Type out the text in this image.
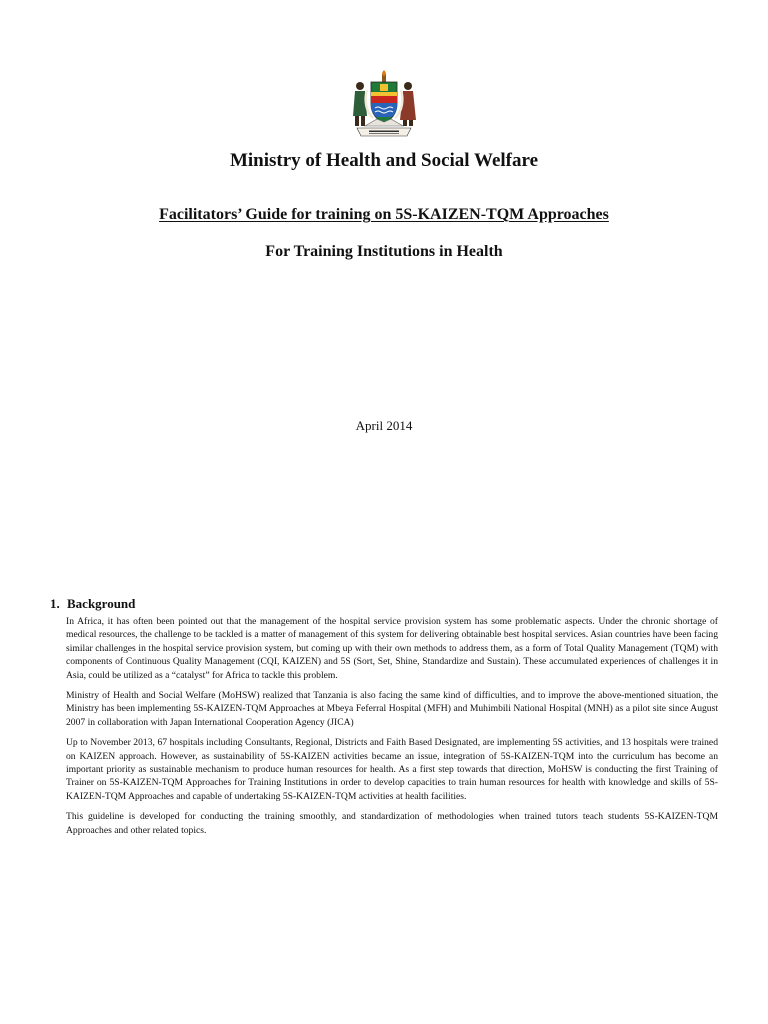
Ministry of Health and Social Welfare
Facilitators’ Guide for training on 5S-KAIZEN-TQM Approaches
For Training Institutions in Health

April 2014

1. Background

In Africa, it has often been pointed out that the management of the hospital service provision system has some problematic aspects. Under the chronic shortage of medical resources, the challenge to be tackled is a matter of management of this system for delivering obtainable best hospital services. Asian countries have been facing similar challenges in the hospital service provision system, but coming up with their own methods to address them, as a form of Total Quality Management (TQM) with components of Continuous Quality Management (CQI, KAIZEN) and 5S (Sort, Set, Shine, Standardize and Sustain). These accumulated experiences of challenges it in Asia, could be utilized as a “catalyst” for Africa to tackle this problem.

Ministry of Health and Social Welfare (MoHSW) realized that Tanzania is also facing the same kind of difficulties, and to improve the above-mentioned situation, the Ministry has been implementing 5S-KAIZEN-TQM Approaches at Mbeya Feferral Hospital (MFH) and Muhimbili National Hospital (MNH) as a pilot site since August 2007 in collaboration with Japan International Cooperation Agency (JICA)

Up to November 2013, 67 hospitals including Consultants, Regional, Districts and Faith Based Designated, are implementing 5S activities, and 13 hospitals were trained on KAIZEN approach. However, as sustainability of 5S-KAIZEN activities became an issue, integration of 5S-KAIZEN-TQM into the curriculum has become an important priority as sustainable mechanism to produce human resources for health. As a first step towards that direction, MoHSW is conducting the first Training of Trainer on 5S-KAIZEN-TQM Approaches for Training Institutions in order to develop capacities to train human resources for health with knowledge and skills of 5S-KAIZEN-TQM Approaches and capable of undertaking 5S-KAIZEN-TQM activities at health facilities.

This guideline is developed for conducting the training smoothly, and standardization of methodologies when trained tutors teach students 5S-KAIZEN-TQM Approaches and other related topics.
